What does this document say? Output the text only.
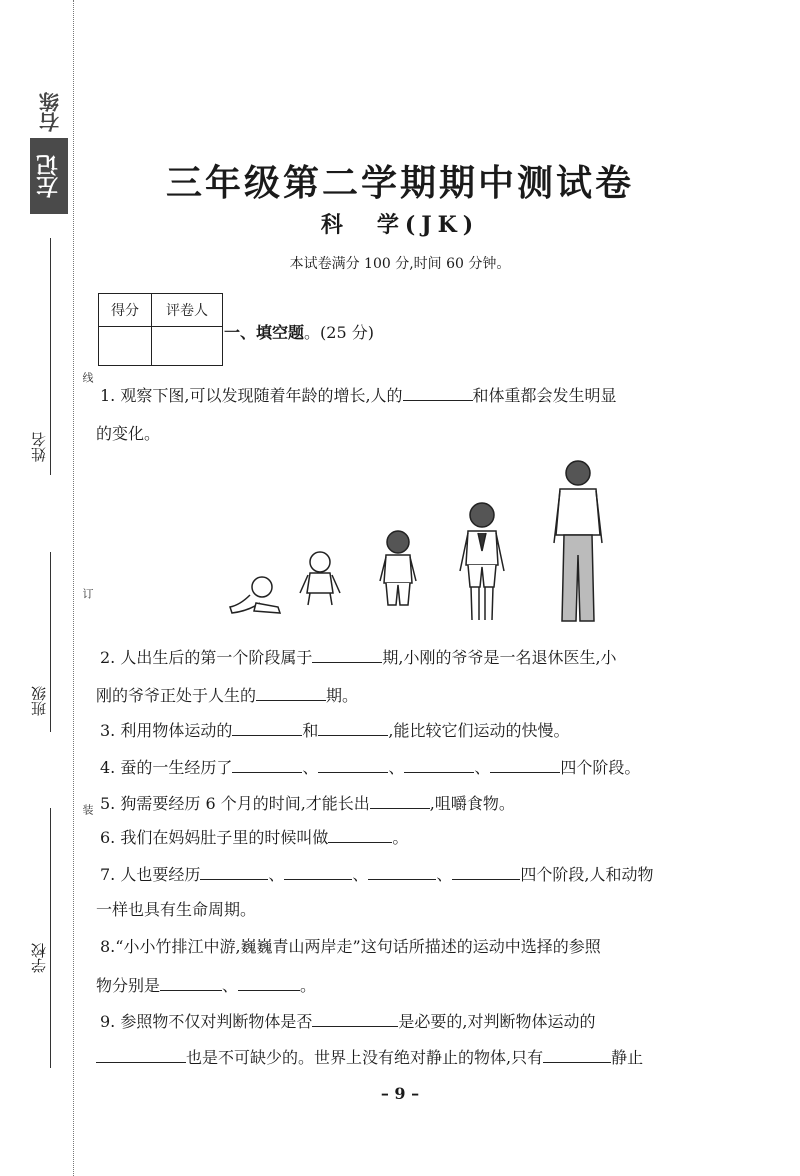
右练
左记
姓名
班级
学校
线
订
装
三年级第二学期期中测试卷
科　学(JK)
本试卷满分 100 分,时间 60 分钟。
得分	评卷人

一、填空题。(25 分)
1. 观察下图,可以发现随着年龄的增长,人的	和体重都会发生明显
的变化。
2. 人出生后的第一个阶段属于	期,小刚的爷爷是一名退休医生,小
刚的爷爷正处于人生的	期。
3. 利用物体运动的	和	,能比较它们运动的快慢。
4. 蚕的一生经历了	、	、	、	四个阶段。
5. 狗需要经历 6 个月的时间,才能长出	,咀嚼食物。
6. 我们在妈妈肚子里的时候叫做	。
7. 人也要经历	、	、	、	四个阶段,人和动物
一样也具有生命周期。
8.“小小竹排江中游,巍巍青山两岸走”这句话所描述的运动中选择的参照
物分别是	、	。
9. 参照物不仅对判断物体是否	是必要的,对判断物体运动的
也是不可缺少的。世界上没有绝对静止的物体,只有	静止
– 9 –
